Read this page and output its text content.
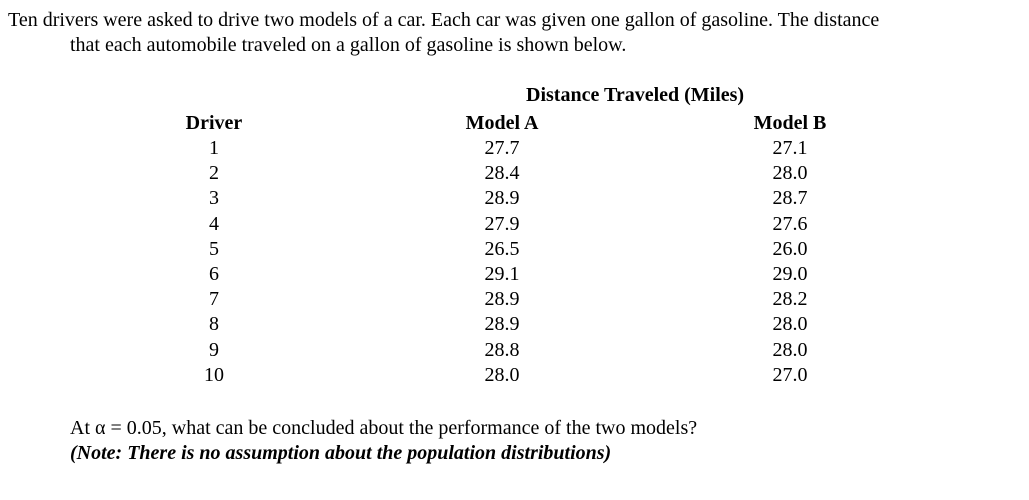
Ten drivers were asked to drive two models of a car. Each car was given one gallon of gasoline. The distance
that each automobile traveled on a gallon of gasoline is shown below.

Distance Traveled (Miles)
Driver
1
2
3
4
5
6
7
8
9
10
Model A
27.7
28.4
28.9
27.9
26.5
29.1
28.9
28.9
28.8
28.0
Model B
27.1
28.0
28.7
27.6
26.0
29.0
28.2
28.0
28.0
27.0

At α = 0.05, what can be concluded about the performance of the two models?
(Note: There is no assumption about the population distributions)
